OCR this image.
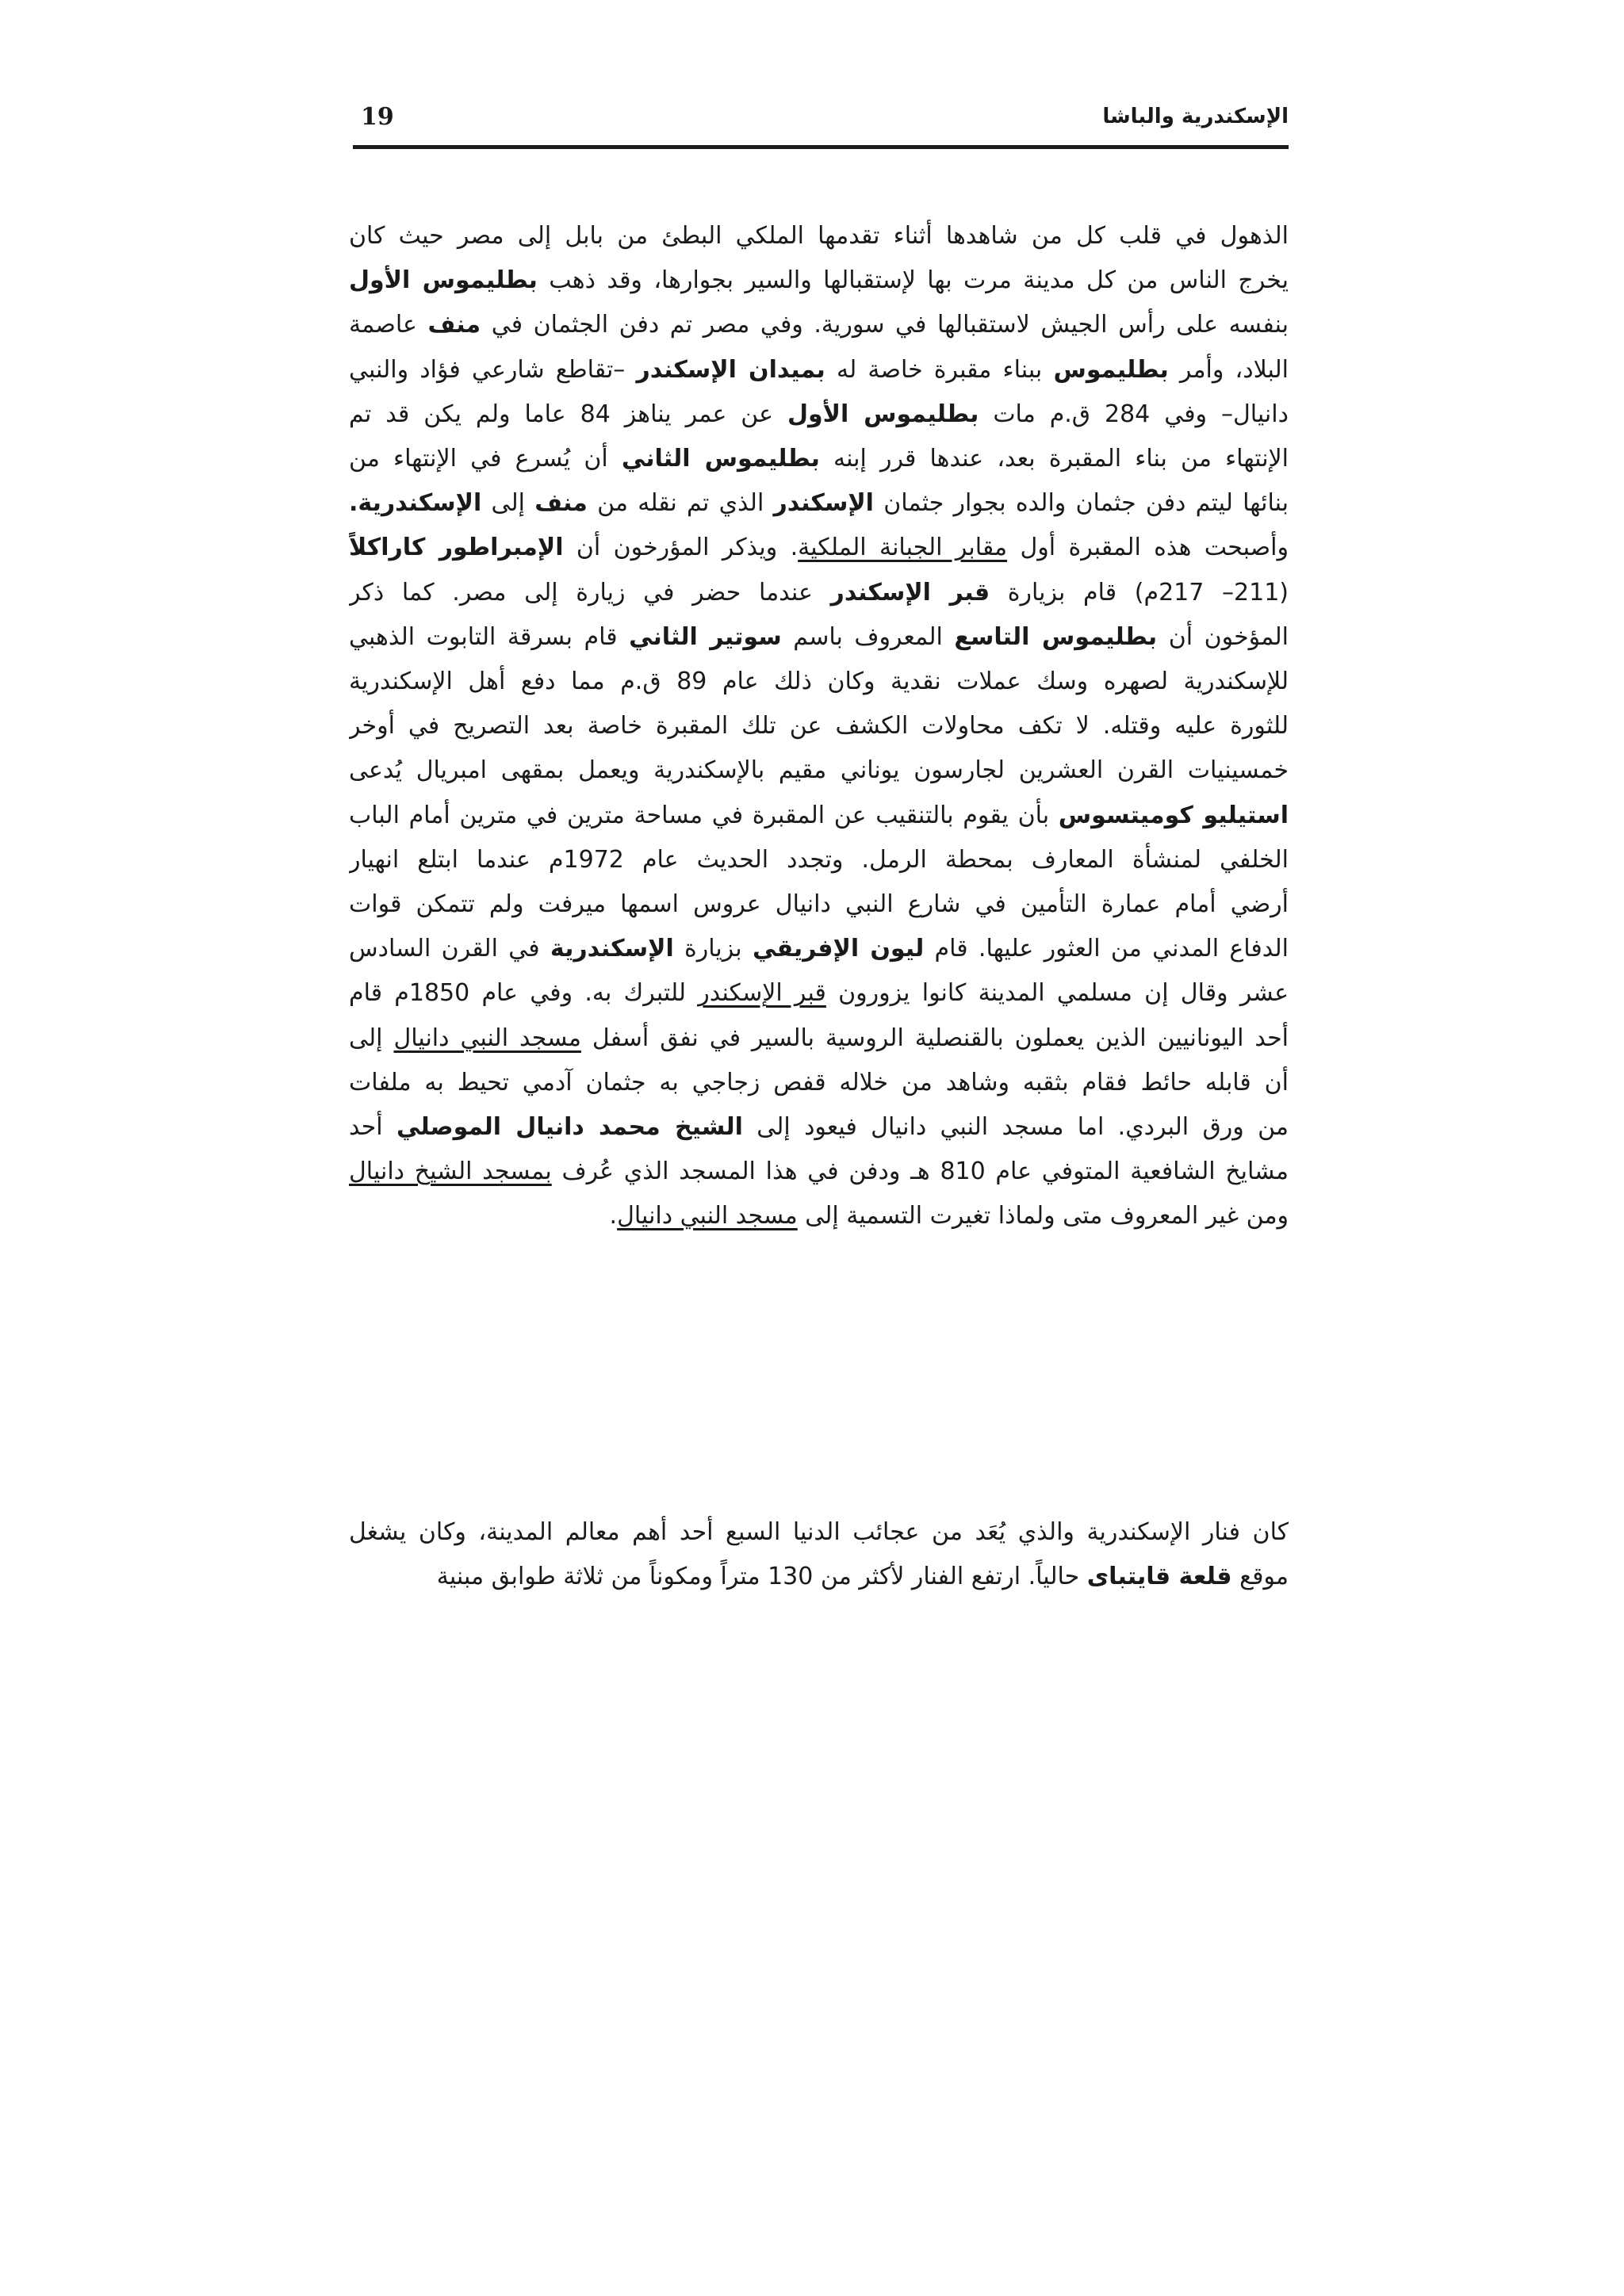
19	الإسكندرية والباشا
الذهول في قلب كل من شاهدها أثناء تقدمها الملكي البطئ من بابل إلى مصر حيث كان
يخرج الناس من كل مدينة مرت بها لإستقبالها والسير بجوارها، وقد ذهب بطليموس الأول
بنفسه على رأس الجيش لاستقبالها في سورية. وفي مصر تم دفن الجثمان في منف عاصمة
البلاد، وأمر بطليموس ببناء مقبرة خاصة له بميدان الإسكندر –تقاطع شارعي فؤاد والنبي
دانيال– وفي 284 ق.م مات بطليموس الأول عن عمر يناهز 84 عاما ولم يكن قد تم
الإنتهاء من بناء المقبرة بعد، عندها قرر إبنه بطليموس الثاني أن يُسرع في الإنتهاء من
بنائها ليتم دفن جثمان والده بجوار جثمان الإسكندر الذي تم نقله من منف إلى الإسكندرية.
وأصبحت هذه المقبرة أول مقابر الجبانة الملكية. ويذكر المؤرخون أن الإمبراطور كاراكلاً
(211– 217م) قام بزيارة قبر الإسكندر عندما حضر في زيارة إلى مصر. كما ذكر
المؤخون أن بطليموس التاسع المعروف باسم سوتير الثاني قام بسرقة التابوت الذهبي
للإسكندرية لصهره وسك عملات نقدية وكان ذلك عام 89 ق.م مما دفع أهل الإسكندرية
للثورة عليه وقتله. لا تكف محاولات الكشف عن تلك المقبرة خاصة بعد التصريح في أوخر
خمسينيات القرن العشرين لجارسون يوناني مقيم بالإسكندرية ويعمل بمقهى امبريال يُدعى
استيليو كوميتسوس بأن يقوم بالتنقيب عن المقبرة في مساحة مترين في مترين أمام الباب
الخلفي لمنشأة المعارف بمحطة الرمل. وتجدد الحديث عام 1972م عندما ابتلع انهيار
أرضي أمام عمارة التأمين في شارع النبي دانيال عروس اسمها ميرفت ولم تتمكن قوات
الدفاع المدني من العثور عليها. قام ليون الإفريقي بزيارة الإسكندرية في القرن السادس
عشر وقال إن مسلمي المدينة كانوا يزورون قبر الإسكندر للتبرك به. وفي عام 1850م قام
أحد اليونانيين الذين يعملون بالقنصلية الروسية بالسير في نفق أسفل مسجد النبي دانيال إلى
أن قابله حائط فقام بثقبه وشاهد من خلاله قفص زجاجي به جثمان آدمي تحيط به ملفات
من ورق البردي. اما مسجد النبي دانيال فيعود إلى الشيخ محمد دانيال الموصلي أحد
مشايخ الشافعية المتوفي عام 810 هـ ودفن في هذا المسجد الذي عُرف بمسجد الشيخ دانيال
ومن غير المعروف متى ولماذا تغيرت التسمية إلى مسجد النبي دانيال.
كان فنار الإسكندرية والذي يُعَد من عجائب الدنيا السبع أحد أهم معالم المدينة، وكان يشغل
موقع قلعة قايتباى حالياً. ارتفع الفنار لأكثر من 130 متراً ومكوناً من ثلاثة طوابق مبنية
